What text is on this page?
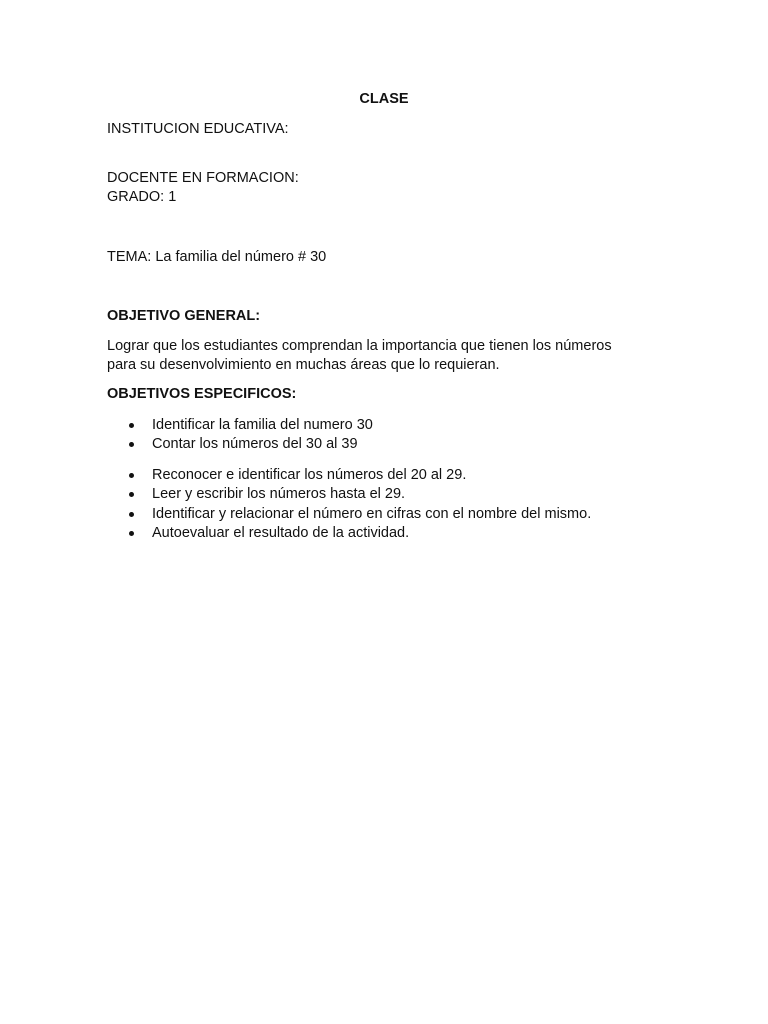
CLASE
INSTITUCION EDUCATIVA:
DOCENTE EN FORMACION:
GRADO: 1
TEMA: La familia del número # 30
OBJETIVO GENERAL:
Lograr que los estudiantes comprendan la importancia que tienen los números
para su desenvolvimiento en muchas áreas que lo requieran.
OBJETIVOS ESPECIFICOS:
Identificar la familia del numero 30
Contar los números del 30 al 39
Reconocer e identificar los números del 20 al 29.
Leer y escribir los números hasta el 29.
Identificar y relacionar el número en cifras con el nombre del mismo.
Autoevaluar el resultado de la actividad.
